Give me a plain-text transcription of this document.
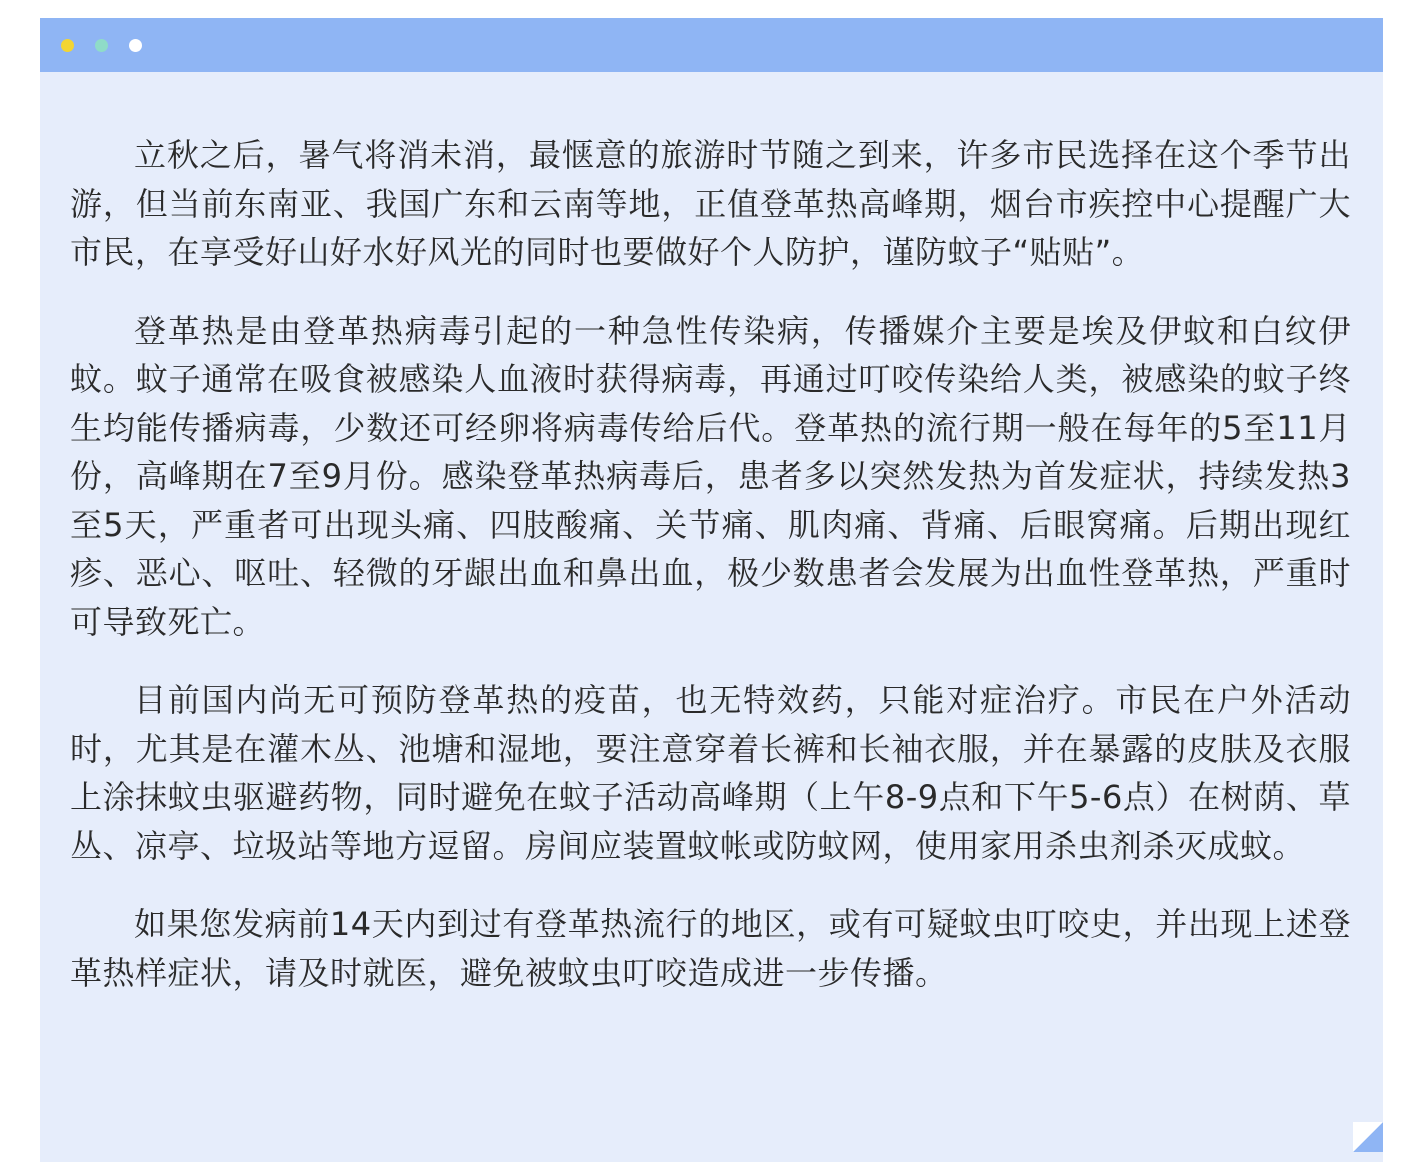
立秋之后，暑气将消未消，最惬意的旅游时节随之到来，许多市民选择在这个季节出游，但当前东南亚、我国广东和云南等地，正值登革热高峰期，烟台市疾控中心提醒广大市民，在享受好山好水好风光的同时也要做好个人防护，谨防蚊子“贴贴”。

登革热是由登革热病毒引起的一种急性传染病，传播媒介主要是埃及伊蚊和白纹伊蚊。蚊子通常在吸食被感染人血液时获得病毒，再通过叮咬传染给人类，被感染的蚊子终生均能传播病毒，少数还可经卵将病毒传给后代。登革热的流行期一般在每年的5至11月份，高峰期在7至9月份。感染登革热病毒后，患者多以突然发热为首发症状，持续发热3至5天，严重者可出现头痛、四肢酸痛、关节痛、肌肉痛、背痛、后眼窝痛。后期出现红疹、恶心、呕吐、轻微的牙龈出血和鼻出血，极少数患者会发展为出血性登革热，严重时可导致死亡。

目前国内尚无可预防登革热的疫苗，也无特效药，只能对症治疗。市民在户外活动时，尤其是在灌木丛、池塘和湿地，要注意穿着长裤和长袖衣服，并在暴露的皮肤及衣服上涂抹蚊虫驱避药物，同时避免在蚊子活动高峰期（上午8-9点和下午5-6点）在树荫、草丛、凉亭、垃圾站等地方逗留。房间应装置蚊帐或防蚊网，使用家用杀虫剂杀灭成蚊。

如果您发病前14天内到过有登革热流行的地区，或有可疑蚊虫叮咬史，并出现上述登革热样症状，请及时就医，避免被蚊虫叮咬造成进一步传播。
